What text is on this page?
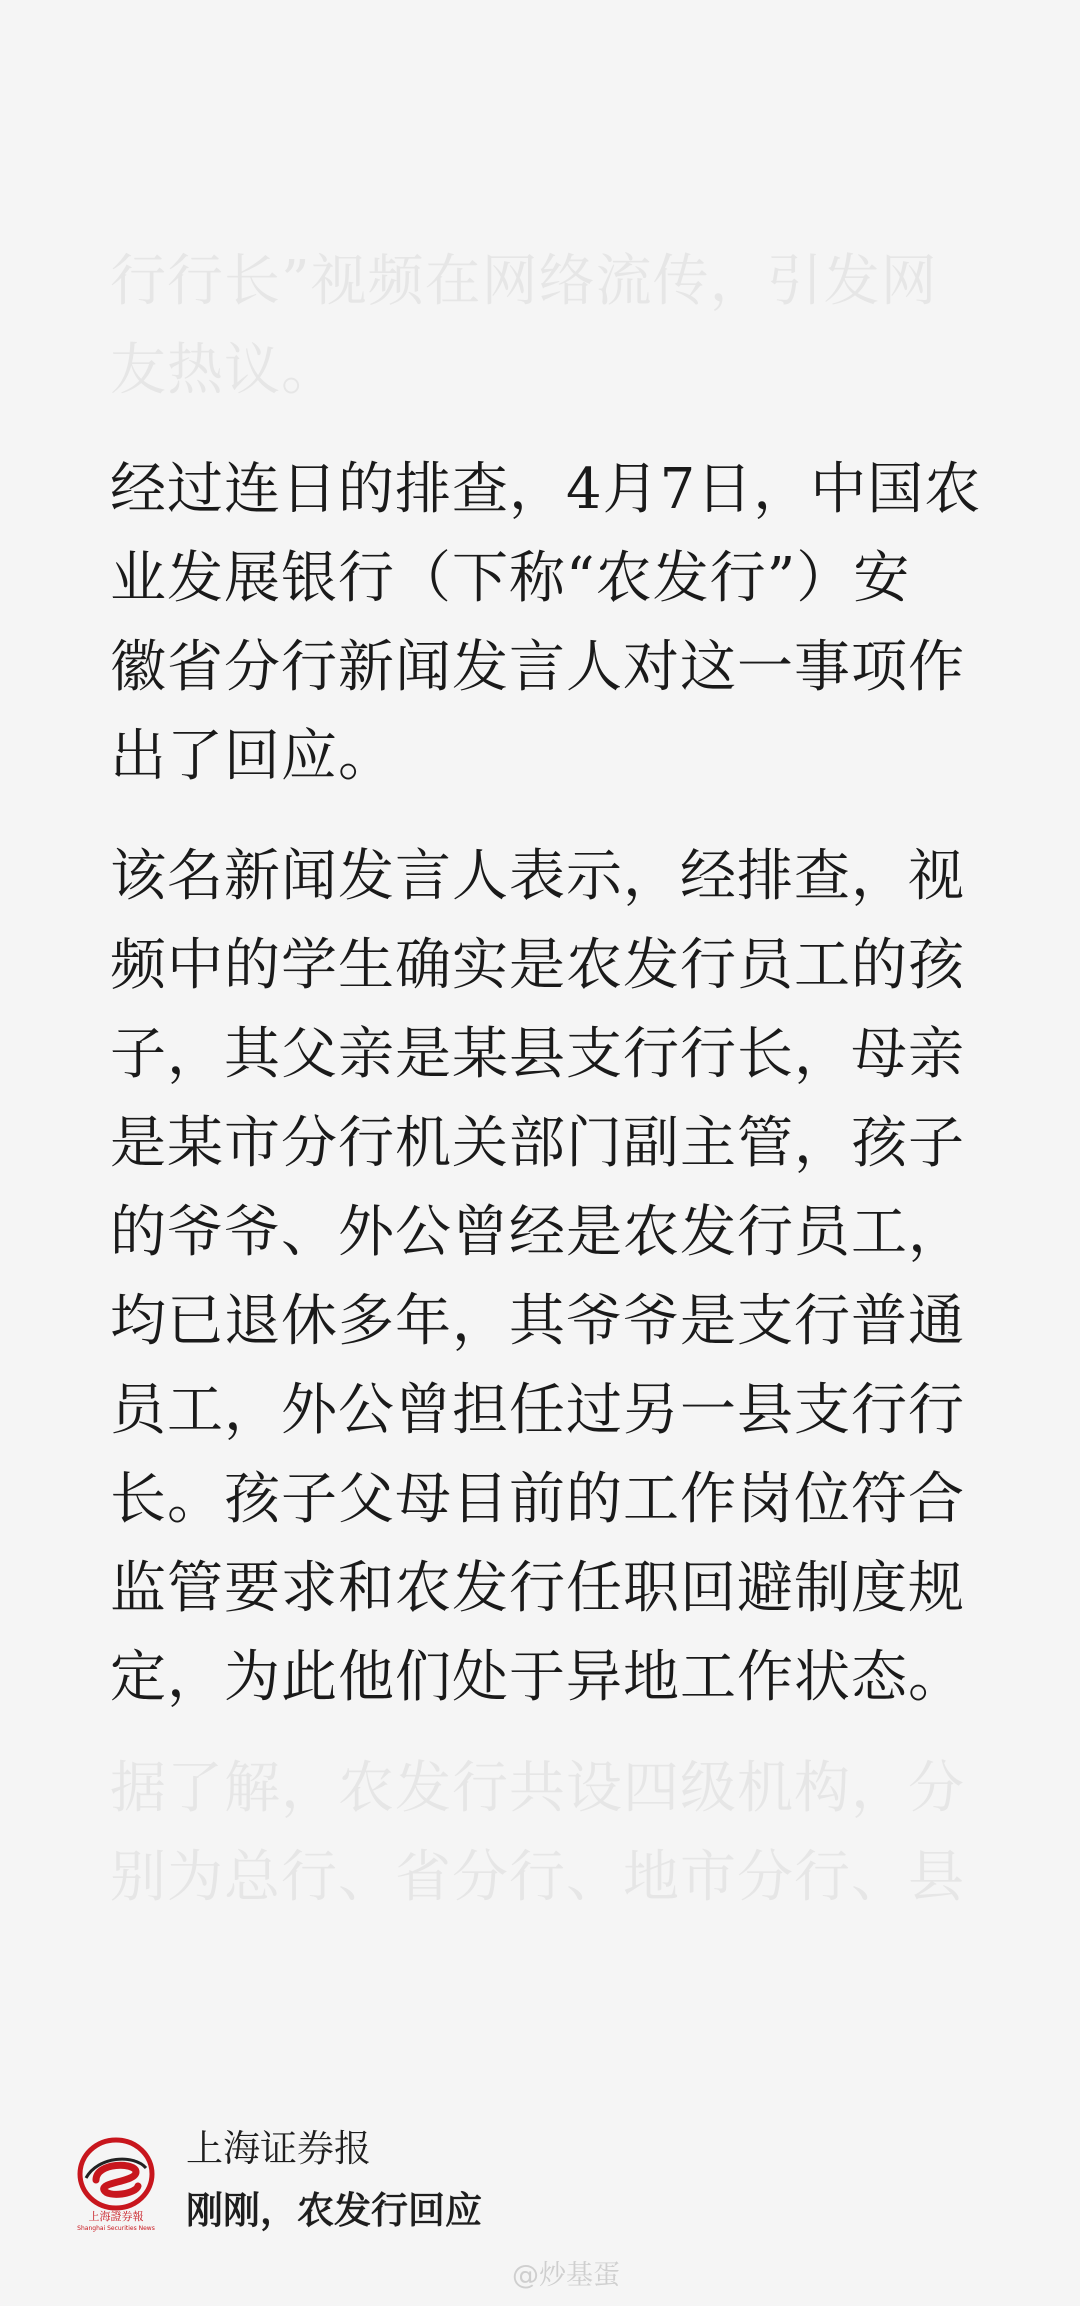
行行长”视频在网络流传，引发网
友热议。
经过连日的排查，4月7日，中国农
业发展银行（下称“农发行”）安
徽省分行新闻发言人对这一事项作
出了回应。
该名新闻发言人表示，经排查，视
频中的学生确实是农发行员工的孩
子，其父亲是某县支行行长，母亲
是某市分行机关部门副主管，孩子
的爷爷、外公曾经是农发行员工，
均已退休多年，其爷爷是支行普通
员工，外公曾担任过另一县支行行
长。孩子父母目前的工作岗位符合
监管要求和农发行任职回避制度规
定，为此他们处于异地工作状态。
据了解，农发行共设四级机构，分
别为总行、省分行、地市分行、县
上海證券報
Shanghai Securities News
上海证券报
刚刚，农发行回应
@炒基蛋
